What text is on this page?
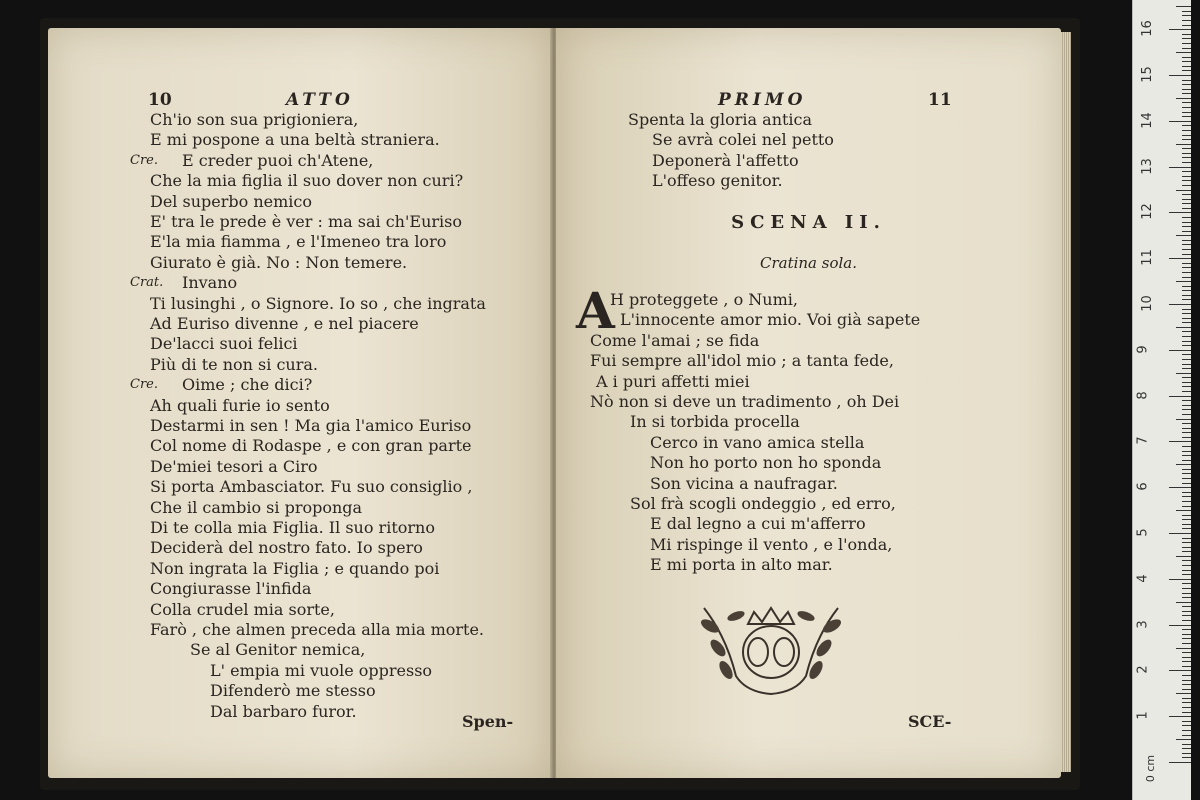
10	ATTO
Ch'io son sua prigioniera,
E mi pospone a una beltà straniera.
Cre. E creder puoi ch'Atene,
Che la mia figlia il suo dover non curi?
Del superbo nemico
E' tra le prede è ver : ma sai ch'Euriso
E'la mia fiamma , e l'Imeneo tra loro
Giurato è già. No : Non temere.
Crat. Invano
Ti lusinghi , o Signore. Io so , che ingrata
Ad Euriso divenne , e nel piacere
De'lacci suoi felici
Più di te non si cura.
Cre. Oime ; che dici?
Ah quali furie io sento
Destarmi in sen ! Ma gia l'amico Euriso
Col nome di Rodaspe , e con gran parte
De'miei tesori a Ciro
Si porta Ambasciator. Fu suo consiglio ,
Che il cambio si proponga
Di te colla mia Figlia. Il suo ritorno
Deciderà del nostro fato. Io spero
Non ingrata la Figlia ; e quando poi
Congiurasse l'infida
Colla crudel mia sorte,
Farò , che almen preceda alla mia morte.
Se al Genitor nemica,
L' empia mi vuole oppresso
Difenderò me stesso
Dal barbaro furor.
Spen-
PRIMO	11
Spenta la gloria antica
Se avrà colei nel petto
Deponerà l'affetto
L'offeso genitor.
SCENA II.
Cratina sola.
A
H proteggete , o Numi,
L'innocente amor mio. Voi già sapete
Come l'amai ; se fida
Fui sempre all'idol mio ; a tanta fede,
A i puri affetti miei
Nò non si deve un tradimento , oh Dei
In si torbida procella
Cerco in vano amica stella
Non ho porto non ho sponda
Son vicina a naufragar.
Sol frà scogli ondeggio , ed erro,
E dal legno a cui m'afferro
Mi rispinge il vento , e l'onda,
E mi porta in alto mar.
SCE-
0 cm
1
2
3
4
5
6
7
8
9
10
11
12
13
14
15
16
